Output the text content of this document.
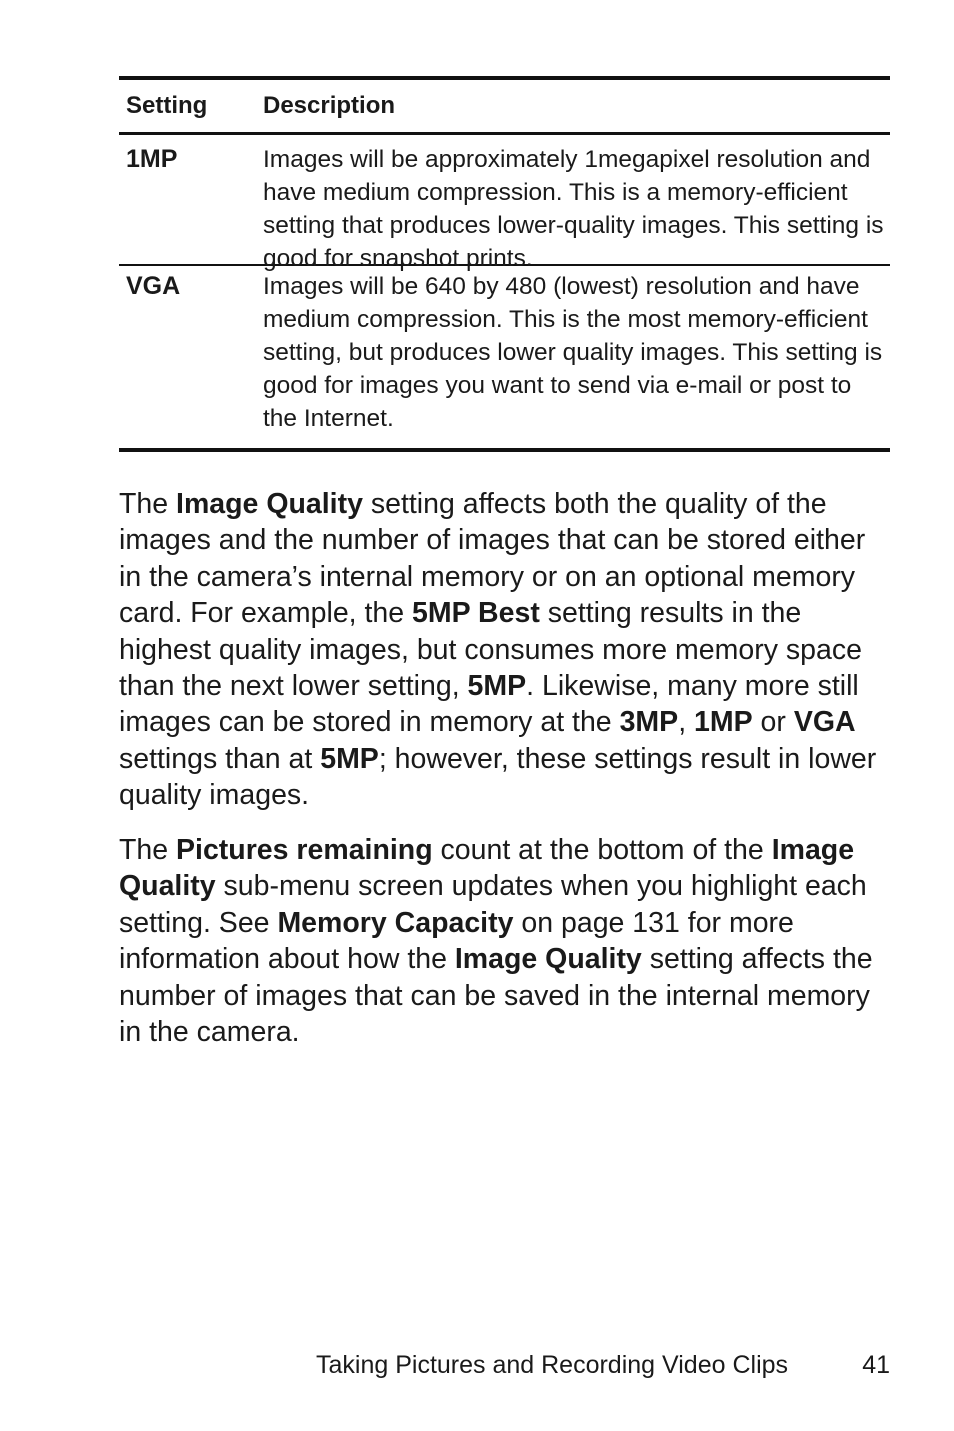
Setting	Description
1MP	Images will be approximately 1megapixel resolution and have medium compression. This is a memory-efficient setting that produces lower-quality images. This setting is good for snapshot prints.
VGA	Images will be 640 by 480 (lowest) resolution and have medium compression. This is the most memory-efficient setting, but produces lower quality images. This setting is good for images you want to send via e-mail or post to the Internet.

The Image Quality setting affects both the quality of the images and the number of images that can be stored either in the camera’s internal memory or on an optional memory card. For example, the 5MP Best setting results in the highest quality images, but consumes more memory space than the next lower setting, 5MP. Likewise, many more still images can be stored in memory at the 3MP, 1MP or VGA settings than at 5MP; however, these settings result in lower quality images.

The Pictures remaining count at the bottom of the Image Quality sub-menu screen updates when you highlight each setting. See Memory Capacity on page 131 for more information about how the Image Quality setting affects the number of images that can be saved in the internal memory in the camera.

Taking Pictures and Recording Video Clips	41
